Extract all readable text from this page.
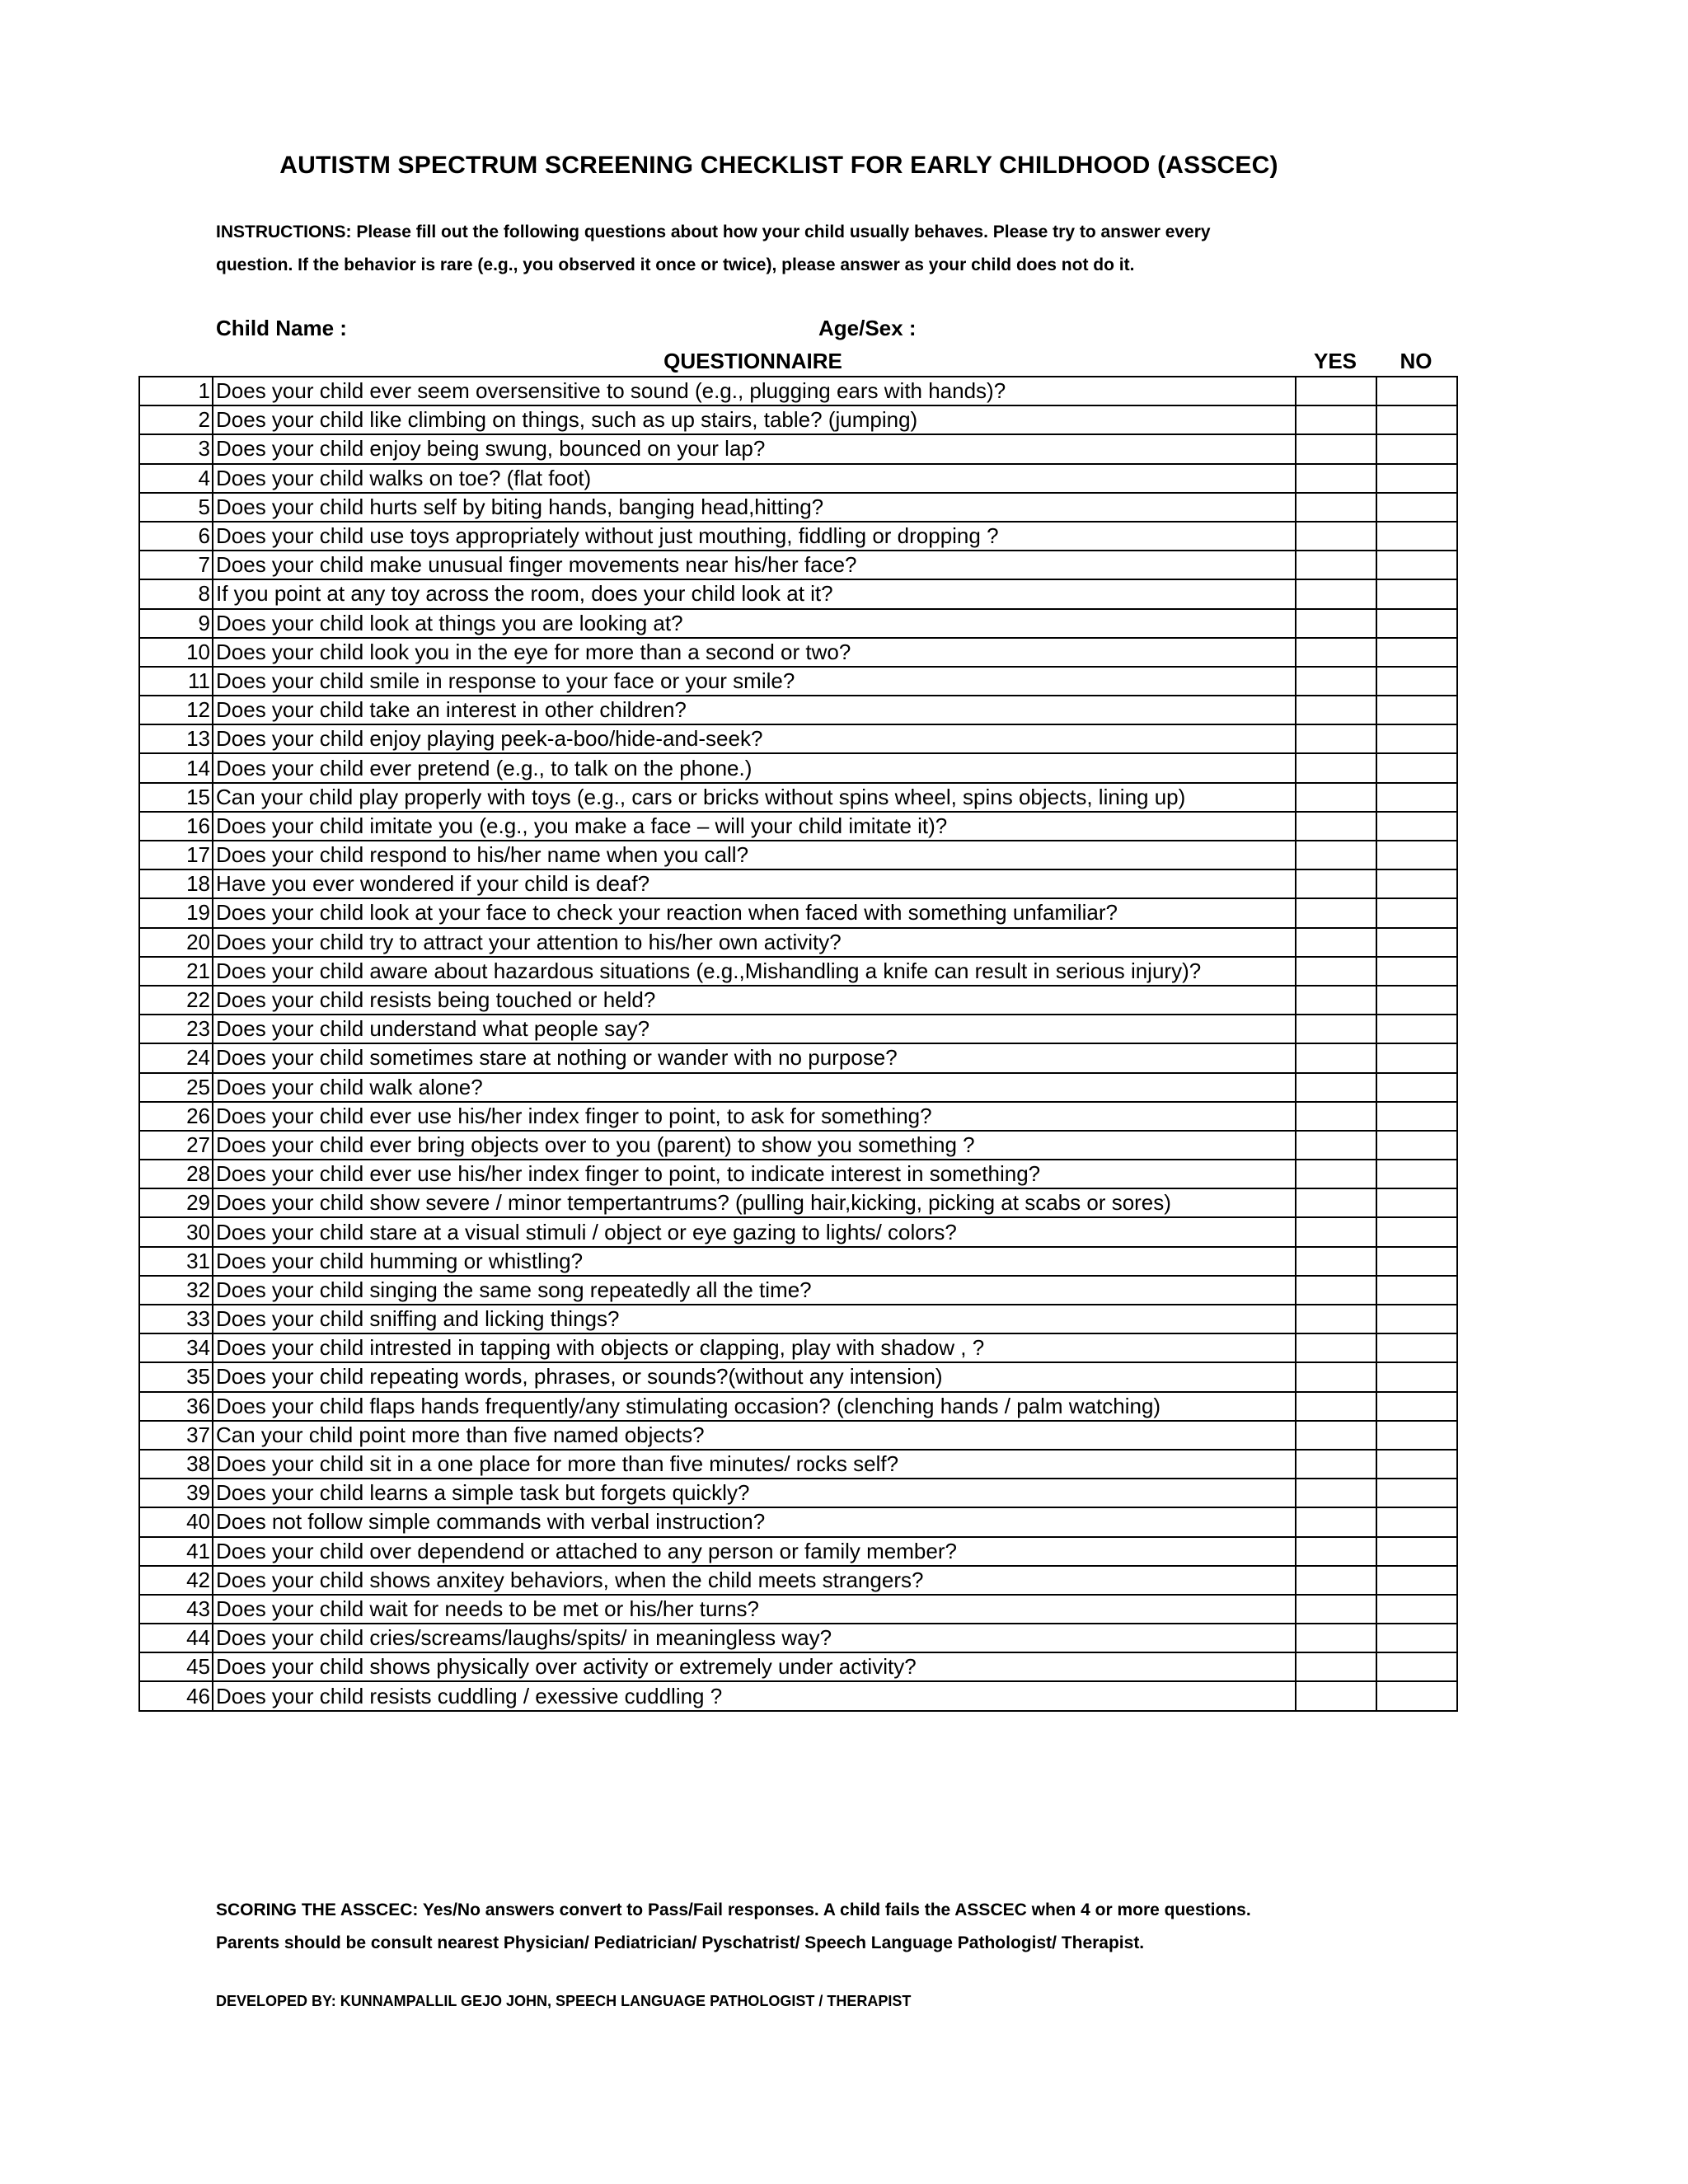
AUTISTM SPECTRUM SCREENING CHECKLIST FOR EARLY CHILDHOOD (ASSCEC)
INSTRUCTIONS: Please fill out the following questions about how your child usually behaves. Please try to answer every
question. If the behavior is rare (e.g., you observed it once or twice), please answer as your child does not do it.
Child Name :	Age/Sex :
QUESTIONNAIRE	YES	NO
1	Does your child ever seem oversensitive to sound (e.g., plugging ears with hands)?		
2	Does your child like climbing on things, such as up stairs, table? (jumping)		
3	Does your child enjoy being swung, bounced on your lap?		
4	Does your child walks on toe? (flat foot)		
5	Does your child hurts self by biting hands, banging head,hitting?		
6	Does your child use toys appropriately without just mouthing, fiddling or dropping ?		
7	Does your child make unusual finger movements near his/her face?		
8	If you point at any toy across the room, does your child look at it?		
9	Does your child look at things you are looking at?		
10	Does your child look you in the eye for more than a second or two?		
11	Does your child smile in response to your face or your smile?		
12	Does your child take an interest in other children?		
13	Does your child enjoy playing peek-a-boo/hide-and-seek?		
14	Does your child ever pretend (e.g., to talk on the phone.)		
15	Can your child play properly with toys (e.g., cars or bricks without spins wheel, spins objects, lining up)		
16	Does your child imitate you (e.g., you make a face – will your child imitate it)?		
17	Does your child respond to his/her name when you call?		
18	Have you ever wondered if your child is deaf?		
19	Does your child look at your face to check your reaction when faced with something unfamiliar?		
20	Does your child try to attract your attention to his/her own activity?		
21	Does your child aware about hazardous situations (e.g.,Mishandling a knife can result in serious injury)?		
22	Does your child resists being touched or held?		
23	Does your child understand what people say?		
24	Does your child sometimes stare at nothing or wander with no purpose?		
25	Does your child walk alone?		
26	Does your child ever use his/her index finger to point, to ask for something?		
27	Does your child ever bring objects over to you (parent) to show you something ?		
28	Does your child ever use his/her index finger to point, to indicate interest in something?		
29	Does your child show severe / minor tempertantrums? (pulling hair,kicking, picking at scabs or sores)		
30	Does your child stare at a visual stimuli / object or eye gazing to lights/ colors?		
31	Does your child humming or whistling?		
32	Does your child singing the same song repeatedly all the time?		
33	Does your child sniffing and licking things?		
34	Does your child intrested in tapping with objects or clapping, play with shadow , ?		
35	Does your child repeating words, phrases, or sounds?(without any intension)		
36	Does your child flaps hands frequently/any stimulating occasion? (clenching hands / palm watching)		
37	Can your child point more than five named objects?		
38	Does your child sit in a one place for more than five minutes/ rocks self?		
39	Does your child learns a simple task but forgets quickly?		
40	Does not follow simple commands with verbal instruction?		
41	Does your child over dependend or attached to any person or family member?		
42	Does your child shows anxitey behaviors, when the child meets strangers?		
43	Does your child wait for needs to be met or his/her turns?		
44	Does your child cries/screams/laughs/spits/ in meaningless way?		
45	Does your child shows physically over activity or extremely under activity?		
46	Does your child resists cuddling / exessive cuddling ?		
SCORING THE ASSCEC: Yes/No answers convert to Pass/Fail responses. A child fails the ASSCEC when 4 or more questions.
Parents should be consult nearest Physician/ Pediatrician/ Pyschatrist/ Speech Language Pathologist/ Therapist.
DEVELOPED BY: KUNNAMPALLIL GEJO JOHN, SPEECH LANGUAGE PATHOLOGIST / THERAPIST
